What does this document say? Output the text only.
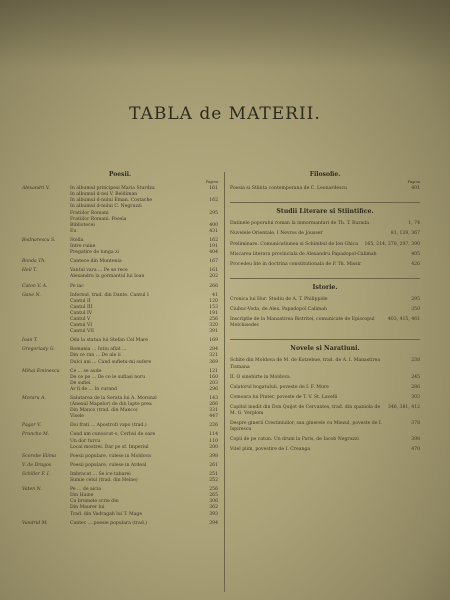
TABLA de MATERII.
Poesii.
Pagina
Alexandri V.	In albumul principesi Maria Sturdza	161
In albumul d-nei V. Beldiman
In albumul d-nului Eman. Costache	162
In albumul d-nului C. Negruzzi
Fratiilor Romani	295
Fratiilor Romani. Poesia
Bibliotecei	400
Eu	431
Bodnarescu S.	Stella	162
Intre ruine	191
Pregatire de lunga zi	404
Bonda Th.	Cantece din Muntenia	167
Heil T.	Vantul vara ... Pe se rece	161
Alexandru la gormantul lui Ioan	202
Caton V. A.	Pe lac	266
Gane N.	Infernul, trad. din Dante. Cantul I	41
Cantul II	120
Cantul III	153
Cantul IV	191
Cantul V	256
Cantul VI	320
Cantul VII	391
Ioan T.	Oda la statua lui Stefan Cel Mare	169
Gregoriady G.	Romania ... Intiu aflat ...	284
Din ce ran ... De ale ii	321
Dulci ani ... Cand sufletu-mi sufere	369
Mihai Eminescu	Ce ... se aude	121
De ce pe ... De ce le suflasi noru	160
De sufiei	203
Ar fi de ... In curand	296
Moraru A.	Salutarea de la Serata lui A. Morunzi	143
(Anexul Mapelor) de din lapte prea	266
Din Manco (trad. din Manco)	331
Visele	447
Pagor V.	Doi frati ... Apostrofi vapo (trad.)	226
Pruncho M.	Cand am cunoscut-o, Cerbul de oare	114
Un dor turcu	110
Local mostrei. Dar pe sf. Imperiul	200
Scorobe Elima	Poesii populare, culese in Moldova	398
V. de Dragos	Poesii populare, culese in Ardeal	261
Schiller F. I.	Imbracat ... Se ice tabarei	251
Sumie celui (trad. din Heine)	252
Vaten N.	Pe ... de aicia	256
Din Haine	265
Ca brumele scrie din	306
Din Maurer lui	362
Trad. din Vadragah lui T. Mage	393
Vandrid M.	Cantec ... poesie populara (trad.)	394
Filosofie.
Pagina
Poesia si Stiinta contemporana de C. Leonardescu	401
Studii Literare si Stiintifice.
Datinele poporului roman la inmormantari de Th. T. Burada	1, 74
Nuvelele Orientale. I Nevros de Jousser	81, 139, 367
Preliminare. Comunicatiunea si Schimbul de Ion Ghica	165, 214, 270, 297, 390
Miscarea literara provinciala de Alexandru Papadopol-Calimah	405
Procedeu lite in doctrina constitutionala de P. Th. Missir	426
Istorie.
Cronica lui Hur. Studiu de A. T. Philippide	295
Ciubuc-Voda, de Alex. Papadopol Calimah	350
Inscriptie de la Manastirea Bistritei, comunicate de Episcopul Melchisedec
403, 415, 461
Novele si Naratiuni.
Schite din Moldova de M. de Kotzebue, trad. de A. I. Manastirea Tismana
238
II. O sinehirte in Moldova	245
Calatorul bogatuluii, poveste de I. F. Mure	286
Comoara lui Pinter, poveste de T. V. St. Lavelli	303
Capitol inedit din Don Quijot de Cervantes, trad. din spaniola de M. G. Verplom
346, 381, 412
Despre ginerii Crestiniuilor, sau ginerele cu Miezul, poveste de I. Ispirescu
378
Copii de pe catun. Un drum la Paris, de Iacob Negruzzi	398
Vitel plim, povestire de I. Creanga	470
